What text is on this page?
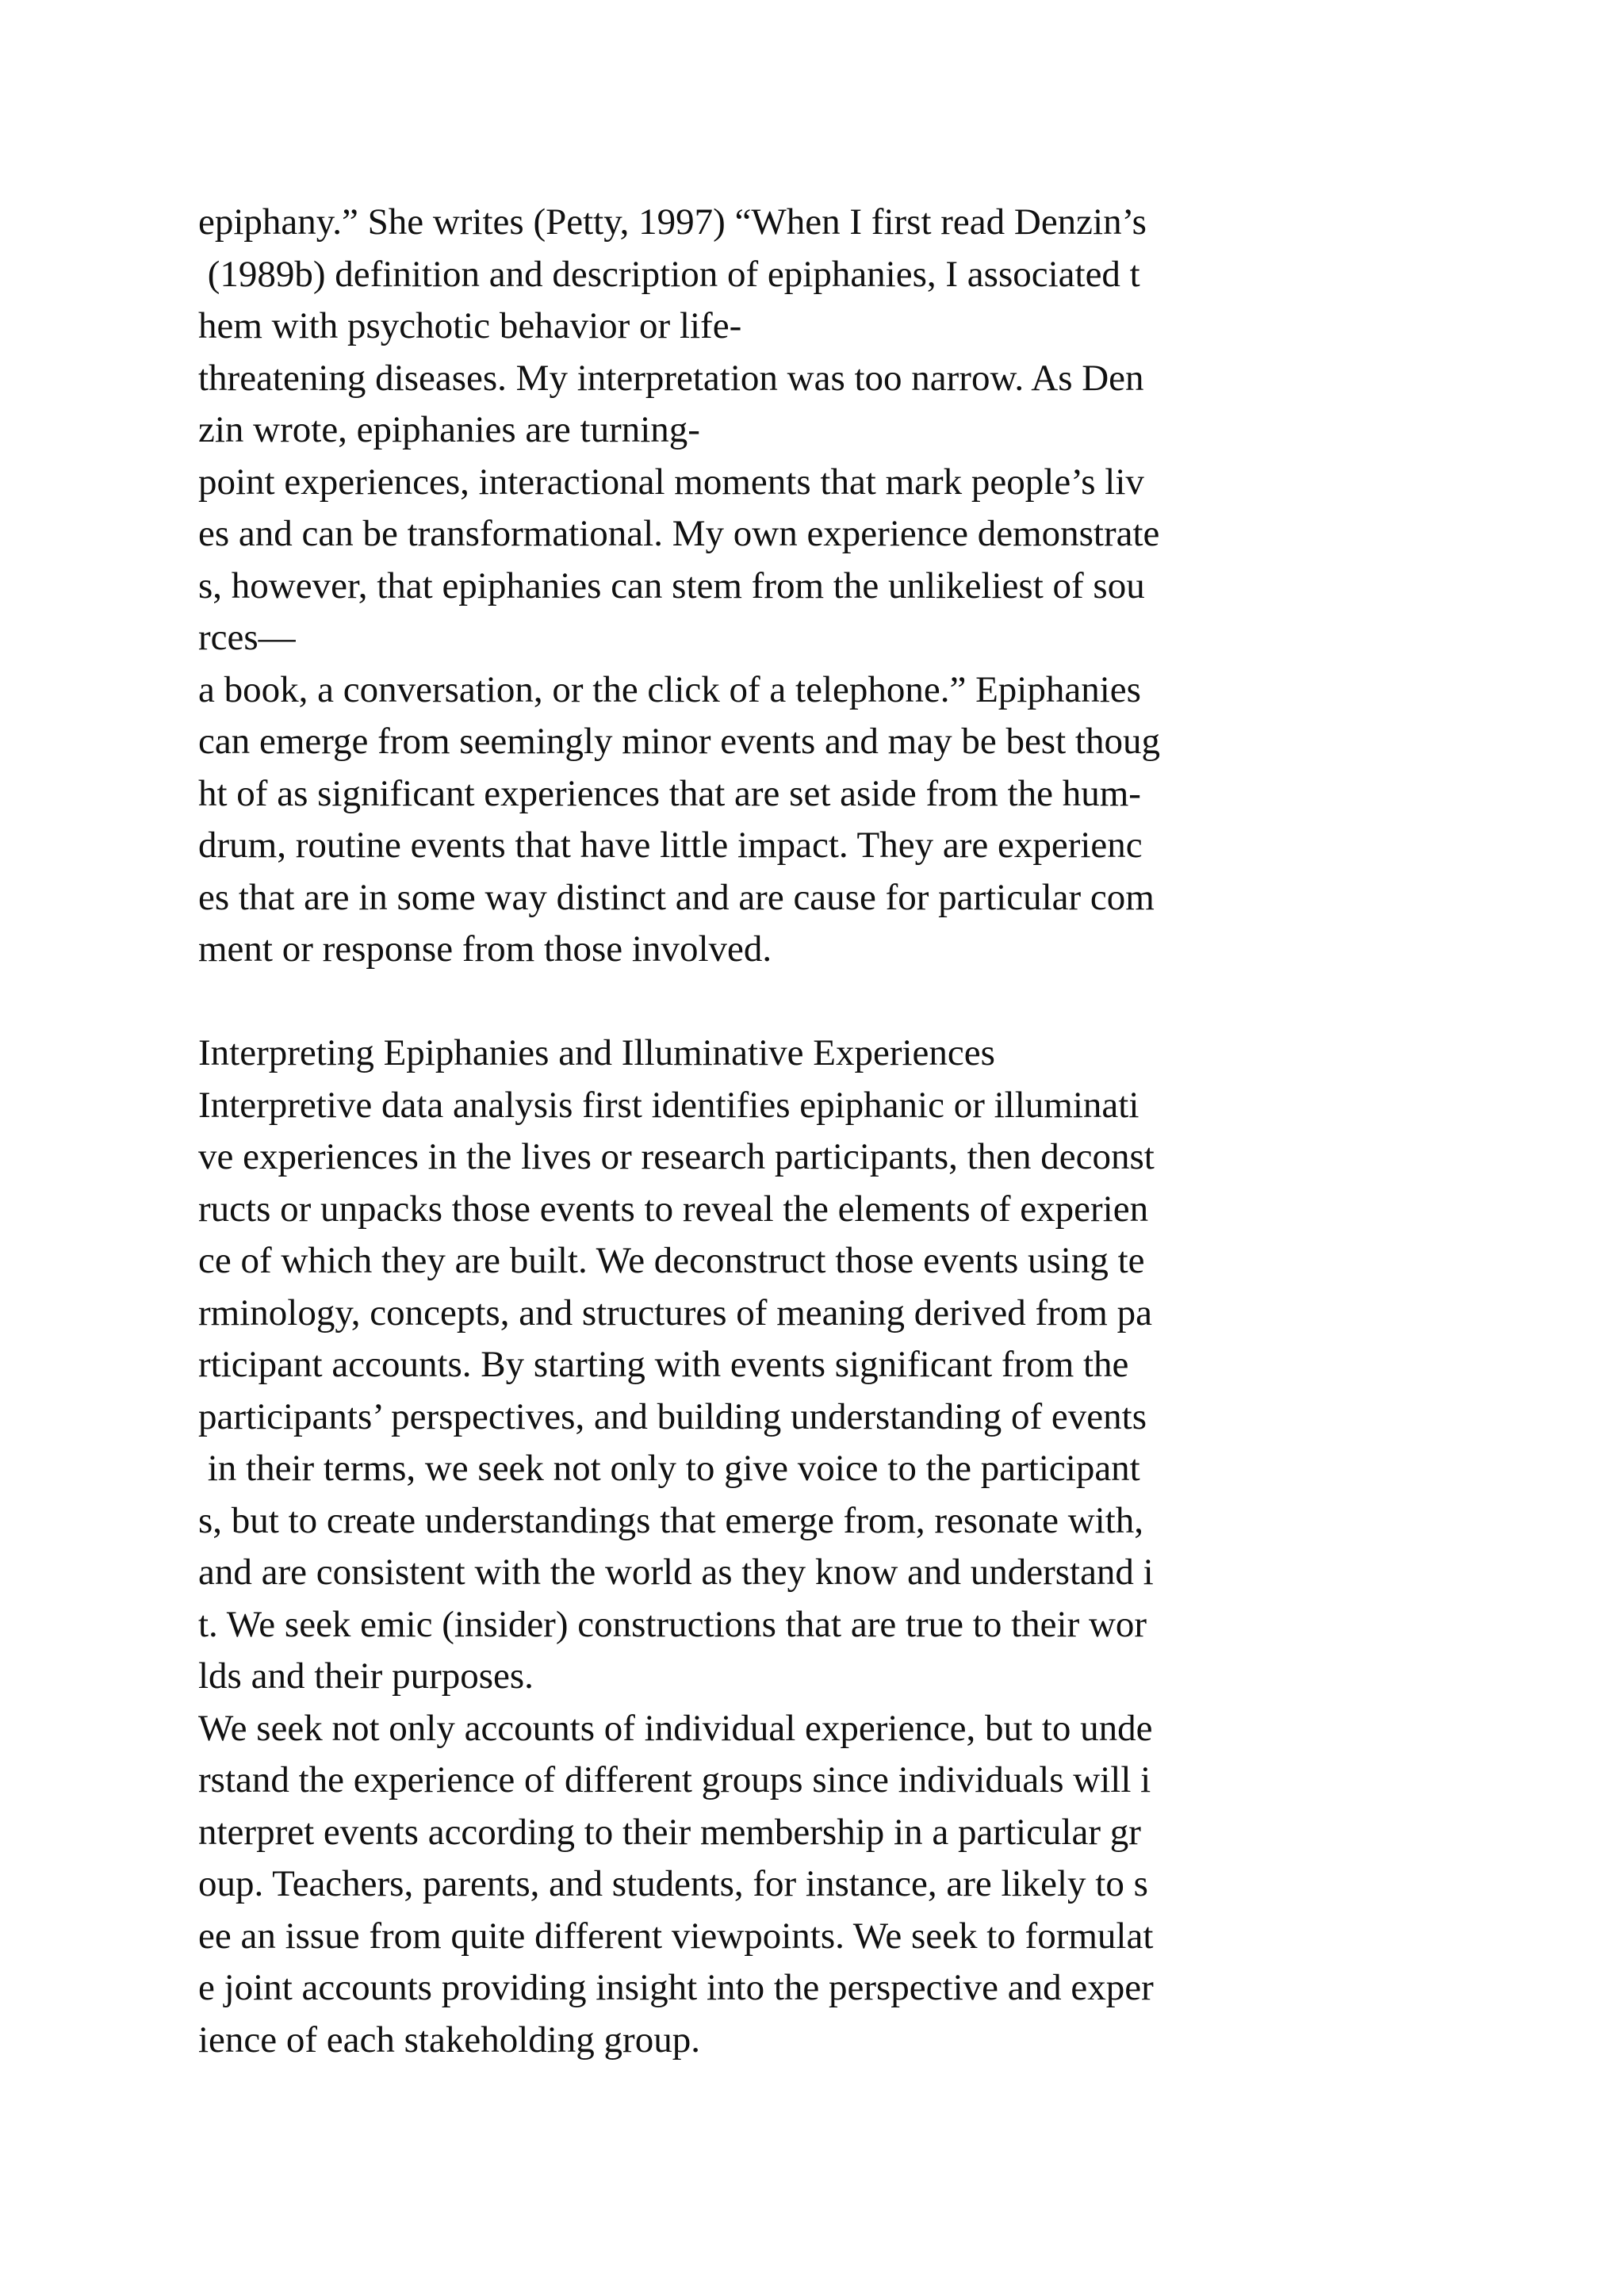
epiphany.” She writes (Petty, 1997) “When I first read Denzin’s
(1989b) definition and description of epiphanies, I associated t
hem with psychotic behavior or life-
threatening diseases. My interpretation was too narrow. As Den
zin wrote, epiphanies are turning-
point experiences, interactional moments that mark people’s liv
es and can be transformational. My own experience demonstrate
s, however, that epiphanies can stem from the unlikeliest of sou
rces—
a book, a conversation, or the click of a telephone.” Epiphanies
can emerge from seemingly minor events and may be best thoug
ht of as significant experiences that are set aside from the hum-
drum, routine events that have little impact. They are experienc
es that are in some way distinct and are cause for particular com
ment or response from those involved.
Interpreting Epiphanies and Illuminative Experiences
Interpretive data analysis first identifies epiphanic or illuminati
ve experiences in the lives or research participants, then deconst
ructs or unpacks those events to reveal the elements of experien
ce of which they are built. We deconstruct those events using te
rminology, concepts, and structures of meaning derived from pa
rticipant accounts. By starting with events significant from the
participants’ perspectives, and building understanding of events
in their terms, we seek not only to give voice to the participant
s, but to create understandings that emerge from, resonate with,
and are consistent with the world as they know and understand i
t. We seek emic (insider) constructions that are true to their wor
lds and their purposes.
We seek not only accounts of individual experience, but to unde
rstand the experience of different groups since individuals will i
nterpret events according to their membership in a particular gr
oup. Teachers, parents, and students, for instance, are likely to s
ee an issue from quite different viewpoints. We seek to formulat
e joint accounts providing insight into the perspective and exper
ience of each stakeholding group.
